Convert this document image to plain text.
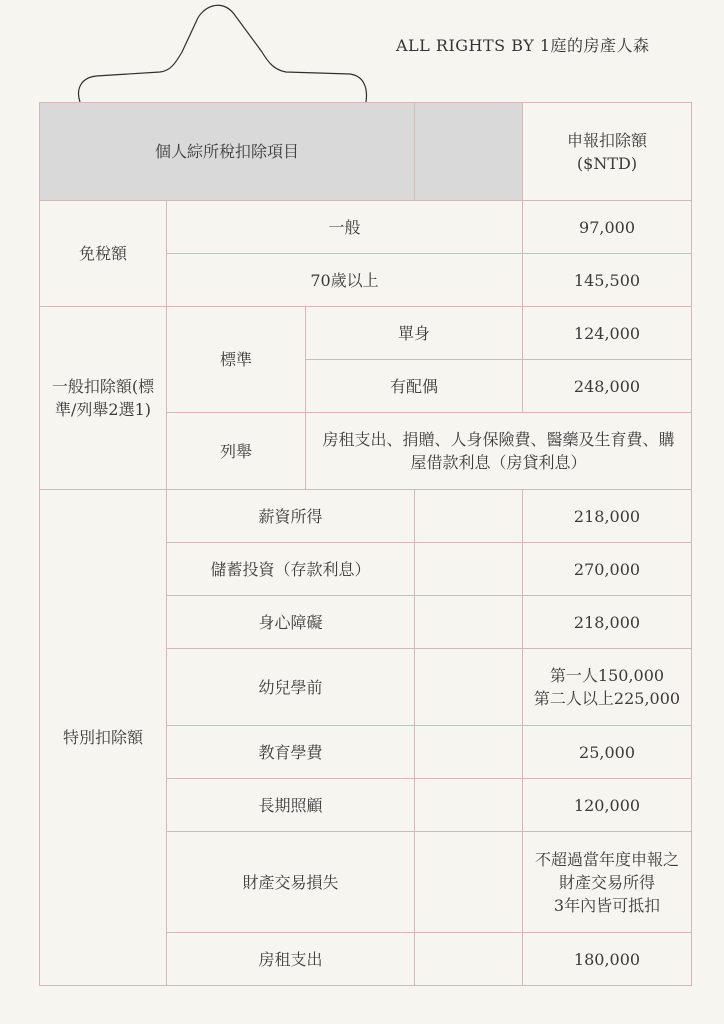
ALL RIGHTS BY 1庭的房產人森
個人綜所稅扣除項目				申報扣除額
($NTD)

免稅額	一般			97,000
	70歲以上			145,500

一般扣除額(標
準/列舉2選1)	標準	單身		124,000
		有配偶		248,000
	列舉	房租支出、捐贈、人身保險費、醫藥及生育費、購
屋借款利息（房貸利息）		

特別扣除額	薪資所得			218,000
	儲蓄投資（存款利息）			270,000
	身心障礙			218,000
	幼兒學前			第一人150,000
第二人以上225,000

	教育學費			25,000
	長期照顧			120,000
	財產交易損失			不超過當年度申報之
財產交易所得
3年內皆可抵扣

	房租支出			180,000
